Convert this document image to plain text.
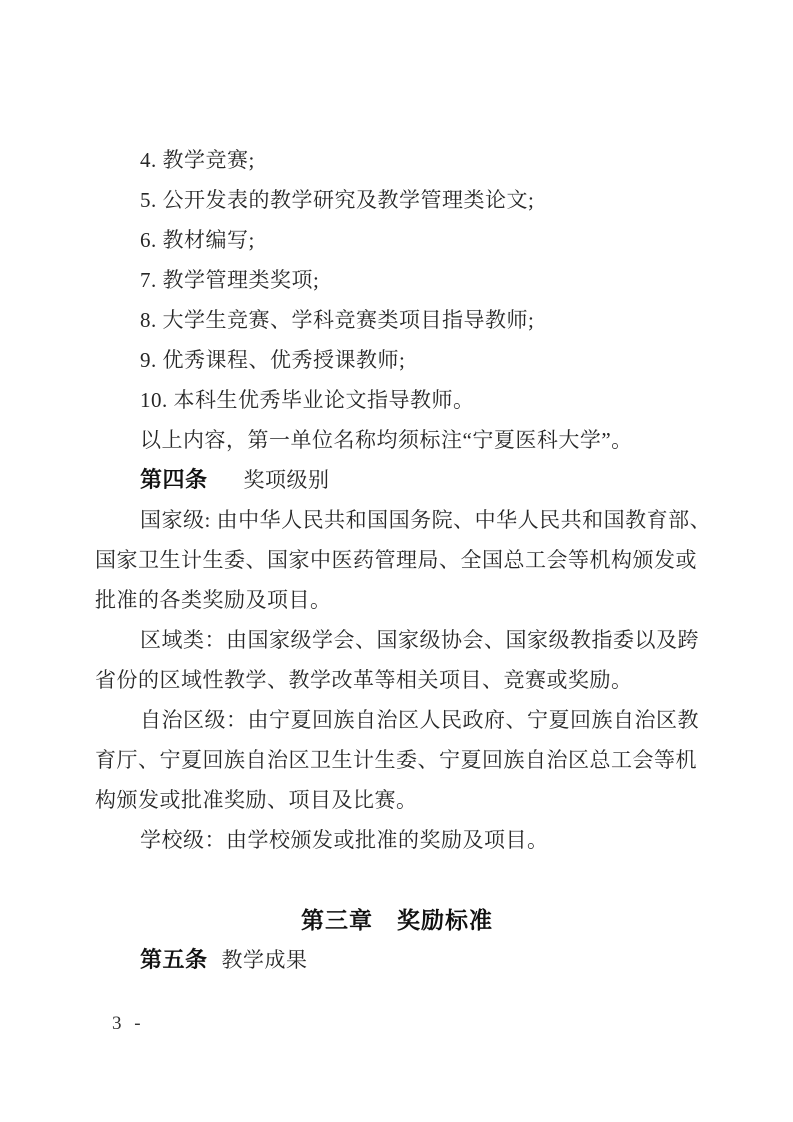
4. 教学竞赛;
5. 公开发表的教学研究及教学管理类论文;
6. 教材编写;
7. 教学管理类奖项;
8. 大学生竞赛、学科竞赛类项目指导教师;
9. 优秀课程、优秀授课教师;
10. 本科生优秀毕业论文指导教师。
以上内容，第一单位名称均须标注“宁夏医科大学”。
第四条 奖项级别
国家级: 由中华人民共和国国务院、中华人民共和国教育部、
国家卫生计生委、国家中医药管理局、全国总工会等机构颁发或
批准的各类奖励及项目。
区域类：由国家级学会、国家级协会、国家级教指委以及跨
省份的区域性教学、教学改革等相关项目、竞赛或奖励。
自治区级：由宁夏回族自治区人民政府、宁夏回族自治区教
育厅、宁夏回族自治区卫生计生委、宁夏回族自治区总工会等机
构颁发或批准奖励、项目及比赛。
学校级：由学校颁发或批准的奖励及项目。
第三章　奖励标准
第五条 教学成果
3 -
